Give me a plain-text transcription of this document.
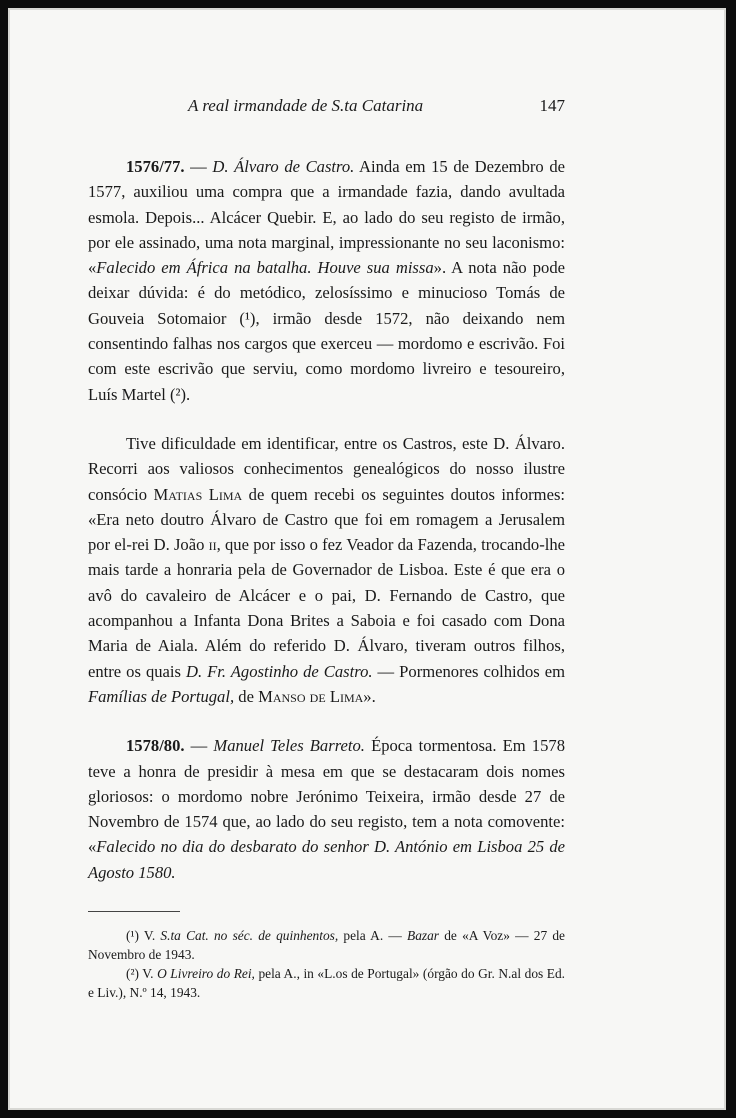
A real irmandade de S.ta Catarina	147

1576/77. — D. Álvaro de Castro. Ainda em 15 de Dezembro de 1577, auxiliou uma compra que a irmandade fazia, dando avultada esmola. Depois... Alcácer Quebir. E, ao lado do seu registo de irmão, por ele assinado, uma nota marginal, impressionante no seu laconismo: «Falecido em África na batalha. Houve sua missa». A nota não pode deixar dúvida: é do metódico, zelosíssimo e minucioso Tomás de Gouveia Sotomaior (¹), irmão desde 1572, não deixando nem consentindo falhas nos cargos que exerceu — mordomo e escrivão. Foi com este escrivão que serviu, como mordomo livreiro e tesoureiro, Luís Martel (²).

Tive dificuldade em identificar, entre os Castros, este D. Álvaro. Recorri aos valiosos conhecimentos genealógicos do nosso ilustre consócio Matias Lima de quem recebi os seguintes doutos informes: «Era neto doutro Álvaro de Castro que foi em romagem a Jerusalem por el-rei D. João ii, que por isso o fez Veador da Fazenda, trocando-lhe mais tarde a honraria pela de Governador de Lisboa. Este é que era o avô do cavaleiro de Alcácer e o pai, D. Fernando de Castro, que acompanhou a Infanta Dona Brites a Saboia e foi casado com Dona Maria de Aiala. Além do referido D. Álvaro, tiveram outros filhos, entre os quais D. Fr. Agostinho de Castro. — Pormenores colhidos em Famílias de Portugal, de Manso de Lima».

1578/80. — Manuel Teles Barreto. Época tormentosa. Em 1578 teve a honra de presidir à mesa em que se destacaram dois nomes gloriosos: o mordomo nobre Jerónimo Teixeira, irmão desde 27 de Novembro de 1574 que, ao lado do seu registo, tem a nota comovente: «Falecido no dia do desbarato do senhor D. António em Lisboa 25 de Agosto 1580.

(¹) V. S.ta Cat. no séc. de quinhentos, pela A. — Bazar de «A Voz» — 27 de Novembro de 1943.

(²) V. O Livreiro do Rei, pela A., in «L.os de Portugal» (órgão do Gr. N.al dos Ed. e Liv.), N.º 14, 1943.
